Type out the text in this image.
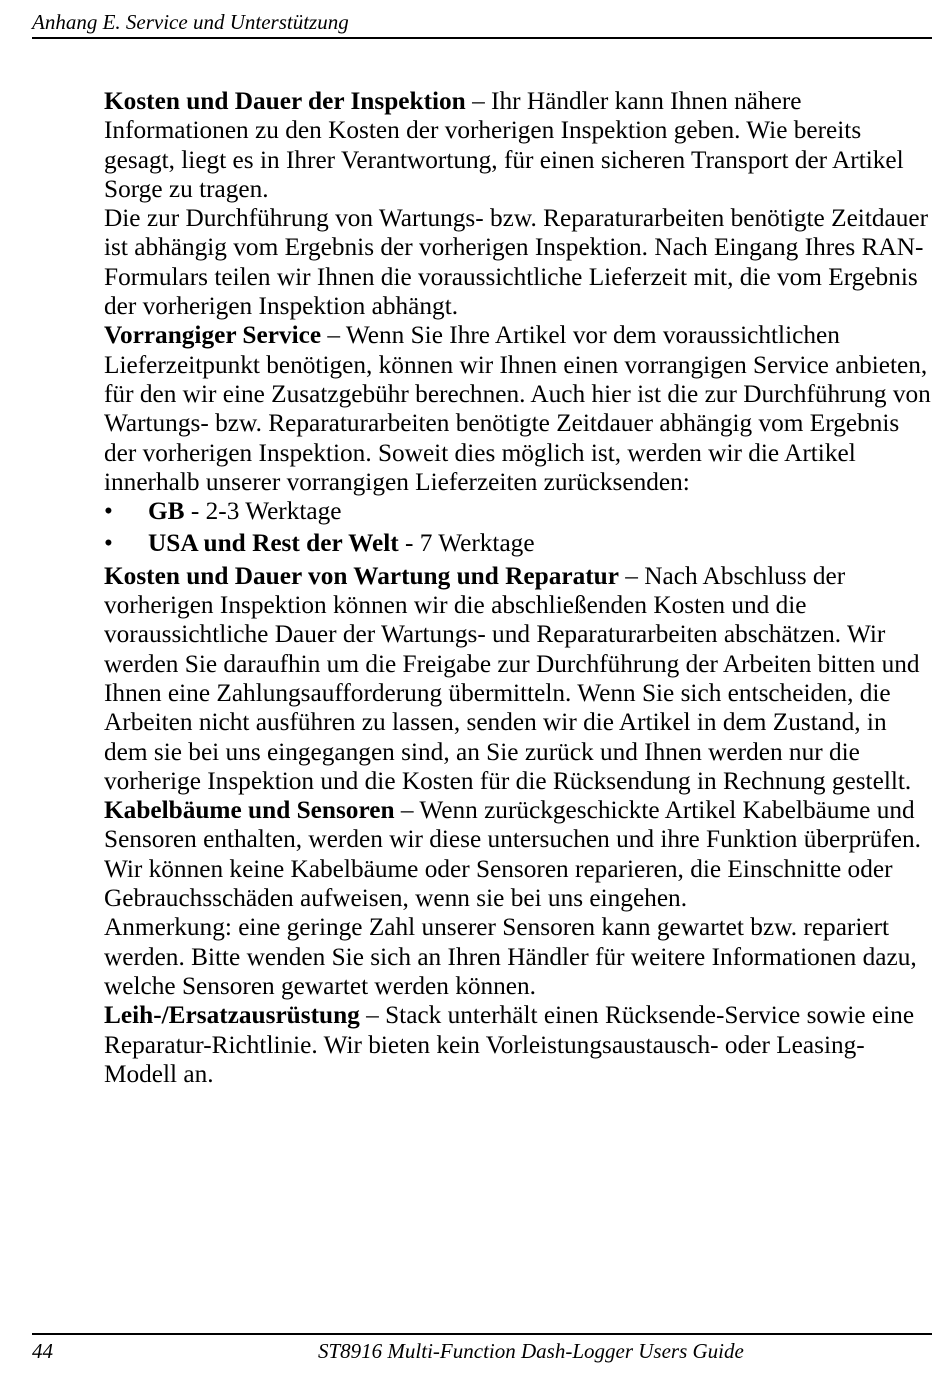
Anhang E. Service und Unterstützung

Kosten und Dauer der Inspektion – Ihr Händler kann Ihnen nähere Informationen zu den Kosten der vorherigen Inspektion geben. Wie bereits gesagt, liegt es in Ihrer Verantwortung, für einen sicheren Transport der Artikel Sorge zu tragen.

Die zur Durchführung von Wartungs- bzw. Reparaturarbeiten benötigte Zeitdauer ist abhängig vom Ergebnis der vorherigen Inspektion. Nach Eingang Ihres RAN-Formulars teilen wir Ihnen die voraussichtliche Lieferzeit mit, die vom Ergebnis der vorherigen Inspektion abhängt.

Vorrangiger Service – Wenn Sie Ihre Artikel vor dem voraussichtlichen Lieferzeitpunkt benötigen, können wir Ihnen einen vorrangigen Service anbieten, für den wir eine Zusatzgebühr berechnen. Auch hier ist die zur Durchführung von Wartungs- bzw. Reparaturarbeiten benötigte Zeitdauer abhängig vom Ergebnis der vorherigen Inspektion. Soweit dies möglich ist, werden wir die Artikel innerhalb unserer vorrangigen Lieferzeiten zurücksenden:

• GB - 2-3 Werktage
• USA und Rest der Welt - 7 Werktage

Kosten und Dauer von Wartung und Reparatur – Nach Abschluss der vorherigen Inspektion können wir die abschließenden Kosten und die voraussichtliche Dauer der Wartungs- und Reparaturarbeiten abschätzen. Wir werden Sie daraufhin um die Freigabe zur Durchführung der Arbeiten bitten und Ihnen eine Zahlungsaufforderung übermitteln. Wenn Sie sich entscheiden, die Arbeiten nicht ausführen zu lassen, senden wir die Artikel in dem Zustand, in dem sie bei uns eingegangen sind, an Sie zurück und Ihnen werden nur die vorherige Inspektion und die Kosten für die Rücksendung in Rechnung gestellt.

Kabelbäume und Sensoren – Wenn zurückgeschickte Artikel Kabelbäume und Sensoren enthalten, werden wir diese untersuchen und ihre Funktion überprüfen. Wir können keine Kabelbäume oder Sensoren reparieren, die Einschnitte oder Gebrauchsschäden aufweisen, wenn sie bei uns eingehen.

Anmerkung: eine geringe Zahl unserer Sensoren kann gewartet bzw. repariert werden. Bitte wenden Sie sich an Ihren Händler für weitere Informationen dazu, welche Sensoren gewartet werden können.

Leih-/Ersatzausrüstung – Stack unterhält einen Rücksende-Service sowie eine Reparatur-Richtlinie. Wir bieten kein Vorleistungsaustausch- oder Leasing-Modell an.

44	ST8916 Multi-Function Dash-Logger Users Guide
